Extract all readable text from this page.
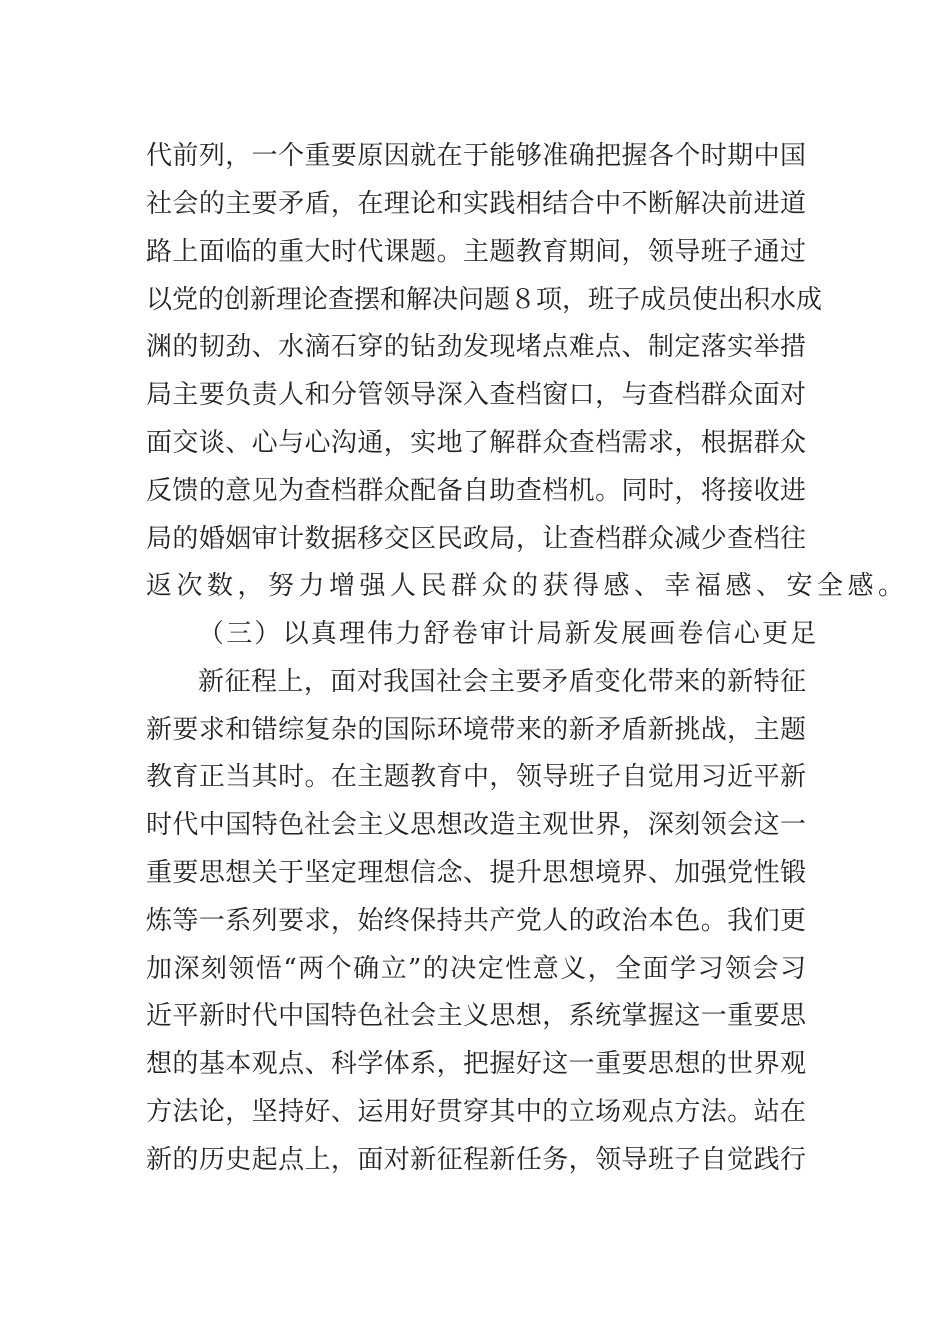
代前列，一个重要原因就在于能够准确把握各个时期中国
社会的主要矛盾，在理论和实践相结合中不断解决前进道
路上面临的重大时代课题。主题教育期间，领导班子通过
以党的创新理论查摆和解决问题８项，班子成员使出积水成
渊的韧劲、水滴石穿的钻劲发现堵点难点、制定落实举措
局主要负责人和分管领导深入查档窗口，与查档群众面对
面交谈、心与心沟通，实地了解群众查档需求，根据群众
反馈的意见为查档群众配备自助查档机。同时，将接收进
局的婚姻审计数据移交区民政局，让查档群众减少查档往
返次数，努力增强人民群众的获得感、幸福感、安全感。
（三）以真理伟力舒卷审计局新发展画卷信心更足
新征程上，面对我国社会主要矛盾变化带来的新特征
新要求和错综复杂的国际环境带来的新矛盾新挑战，主题
教育正当其时。在主题教育中，领导班子自觉用习近平新
时代中国特色社会主义思想改造主观世界，深刻领会这一
重要思想关于坚定理想信念、提升思想境界、加强党性锻
炼等一系列要求，始终保持共产党人的政治本色。我们更
加深刻领悟“两个确立”的决定性意义，全面学习领会习
近平新时代中国特色社会主义思想，系统掌握这一重要思
想的基本观点、科学体系，把握好这一重要思想的世界观
方法论，坚持好、运用好贯穿其中的立场观点方法。站在
新的历史起点上，面对新征程新任务，领导班子自觉践行
